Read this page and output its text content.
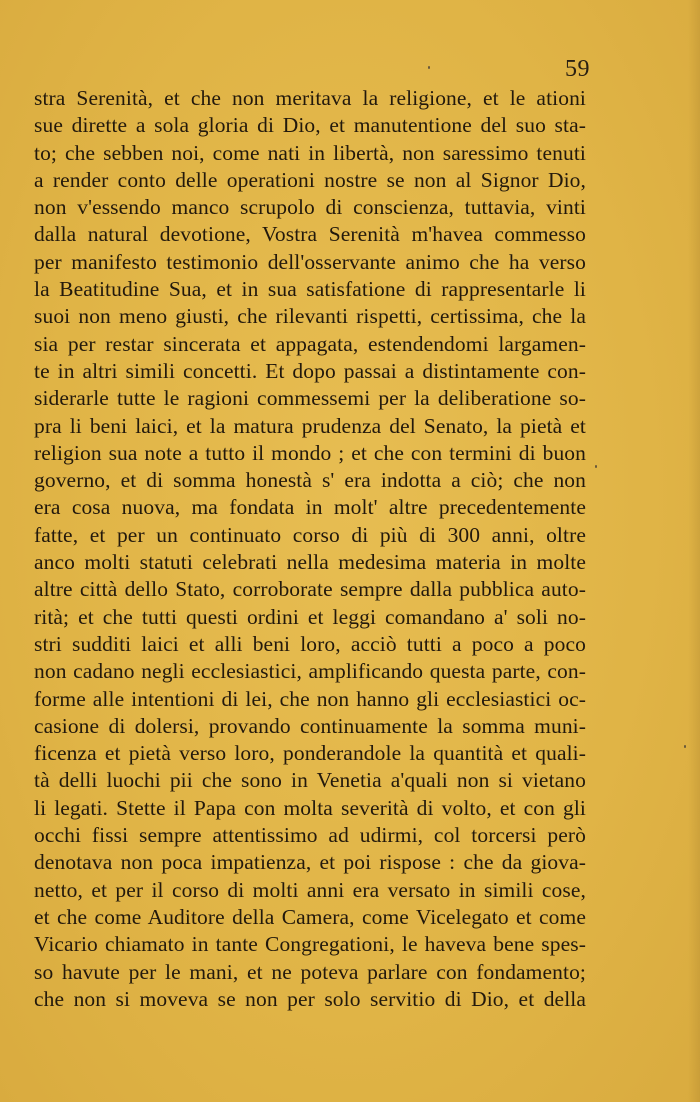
59
stra Serenità, et che non meritava la religione, et le ationi
sue dirette a sola gloria di Dio, et manutentione del suo sta-
to; che sebben noi, come nati in libertà, non saressimo tenuti
a render conto delle operationi nostre se non al Signor Dio,
non v'essendo manco scrupolo di conscienza, tuttavia, vinti
dalla natural devotione, Vostra Serenità m'havea commesso
per manifesto testimonio dell'osservante animo che ha verso
la Beatitudine Sua, et in sua satisfatione di rappresentarle li
suoi non meno giusti, che rilevanti rispetti, certissima, che la
sia per restar sincerata et appagata, estendendomi largamen-
te in altri simili concetti. Et dopo passai a distintamente con-
siderarle tutte le ragioni commessemi per la deliberatione so-
pra li beni laici, et la matura prudenza del Senato, la pietà et
religion sua note a tutto il mondo ; et che con termini di buon
governo, et di somma honestà s' era indotta a ciò; che non
era cosa nuova, ma fondata in molt' altre precedentemente
fatte, et per un continuato corso di più di 300 anni, oltre
anco molti statuti celebrati nella medesima materia in molte
altre città dello Stato, corroborate sempre dalla pubblica auto-
rità; et che tutti questi ordini et leggi comandano a' soli no-
stri sudditi laici et alli beni loro, acciò tutti a poco a poco
non cadano negli ecclesiastici, amplificando questa parte, con-
forme alle intentioni di lei, che non hanno gli ecclesiastici oc-
casione di dolersi, provando continuamente la somma muni-
ficenza et pietà verso loro, ponderandole la quantità et quali-
tà delli luochi pii che sono in Venetia a'quali non si vietano
li legati. Stette il Papa con molta severità di volto, et con gli
occhi fissi sempre attentissimo ad udirmi, col torcersi però
denotava non poca impatienza, et poi rispose : che da giova-
netto, et per il corso di molti anni era versato in simili cose,
et che come Auditore della Camera, come Vicelegato et come
Vicario chiamato in tante Congregationi, le haveva bene spes-
so havute per le mani, et ne poteva parlare con fondamento;
che non si moveva se non per solo servitio di Dio, et della
